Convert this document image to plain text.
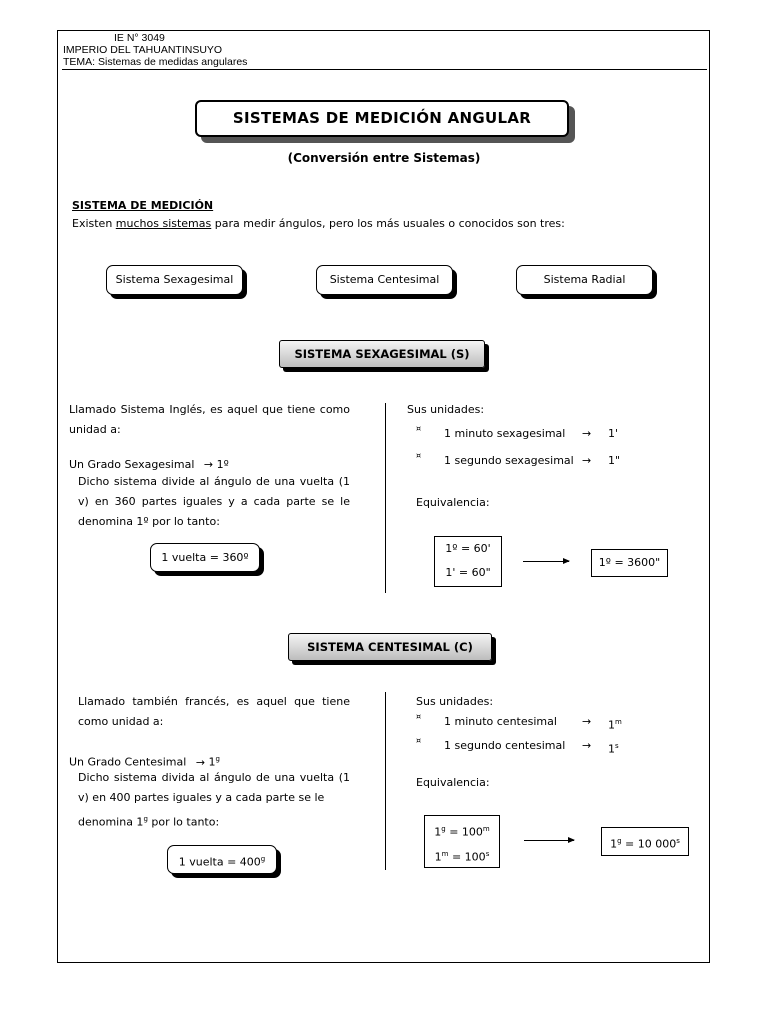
IE N° 3049
IMPERIO DEL TAHUANTINSUYO
TEMA: Sistemas de medidas angulares
SISTEMAS DE MEDICIÓN ANGULAR
(Conversión entre Sistemas)
SISTEMA DE MEDICIÓN
Existen muchos sistemas para medir ángulos, pero los más usuales o conocidos son tres:
Sistema Sexagesimal	Sistema Centesimal	Sistema Radial
SISTEMA SEXAGESIMAL (S)
Llamado Sistema Inglés, es aquel que tiene como unidad a:
Un Grado Sexagesimal → 1º
Dicho sistema divide al ángulo de una vuelta (1 v) en 360 partes iguales y a cada parte se le denomina 1º por lo tanto:
1 vuelta = 360º
Sus unidades:
¤ 1 minuto sexagesimal → 1'
¤ 1 segundo sexagesimal → 1"
Equivalencia:
1º = 60'
1' = 60"
1º = 3600"
SISTEMA CENTESIMAL (C)
Llamado también francés, es aquel que tiene como unidad a:
Un Grado Centesimal → $1^g$
Dicho sistema divida al ángulo de una vuelta (1 v) en 400 partes iguales y a cada parte se le
denomina 1$^g$ por lo tanto:
1 vuelta = $400^g$
Sus unidades:
¤ 1 minuto centesimal → $1^m$
¤ 1 segundo centesimal → $1^s$
Equivalencia:
$1^g = 100^m$
$1^m = 100^s$
$1^g = 10$ 000$^s$
